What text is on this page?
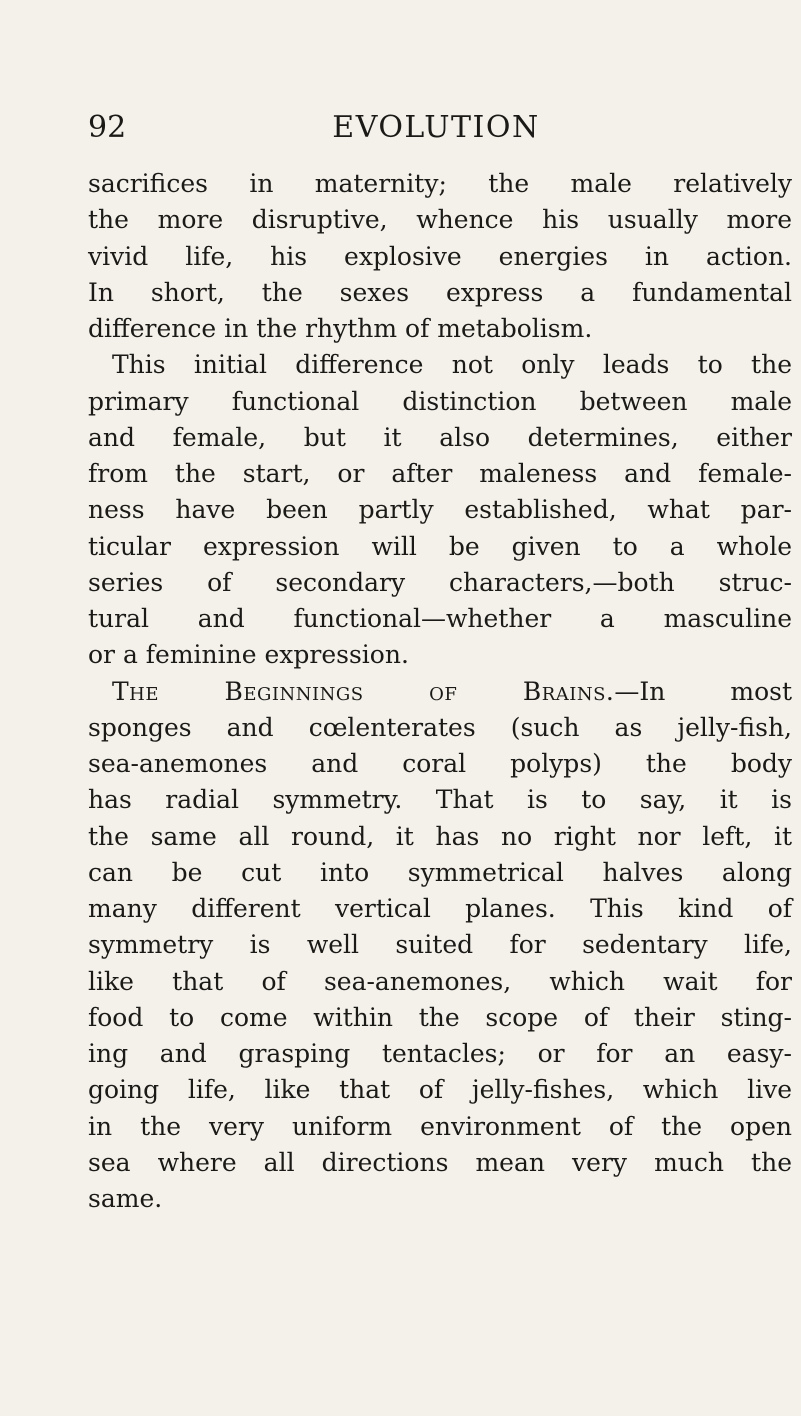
92	EVOLUTION
sacrifices in maternity; the male relatively
the more disruptive, whence his usually more
vivid life, his explosive energies in action.
In short, the sexes express a fundamental
difference in the rhythm of metabolism.
This initial difference not only leads to the
primary functional distinction between male
and female, but it also determines, either
from the start, or after maleness and female-
ness have been partly established, what par-
ticular expression will be given to a whole
series of secondary characters,—both struc-
tural and functional—whether a masculine
or a feminine expression.
The Beginnings of Brains.—In most
sponges and cœlenterates (such as jelly-fish,
sea-anemones and coral polyps) the body
has radial symmetry. That is to say, it is
the same all round, it has no right nor left, it
can be cut into symmetrical halves along
many different vertical planes. This kind of
symmetry is well suited for sedentary life,
like that of sea-anemones, which wait for
food to come within the scope of their sting-
ing and grasping tentacles; or for an easy-
going life, like that of jelly-fishes, which live
in the very uniform environment of the open
sea where all directions mean very much the
same.
